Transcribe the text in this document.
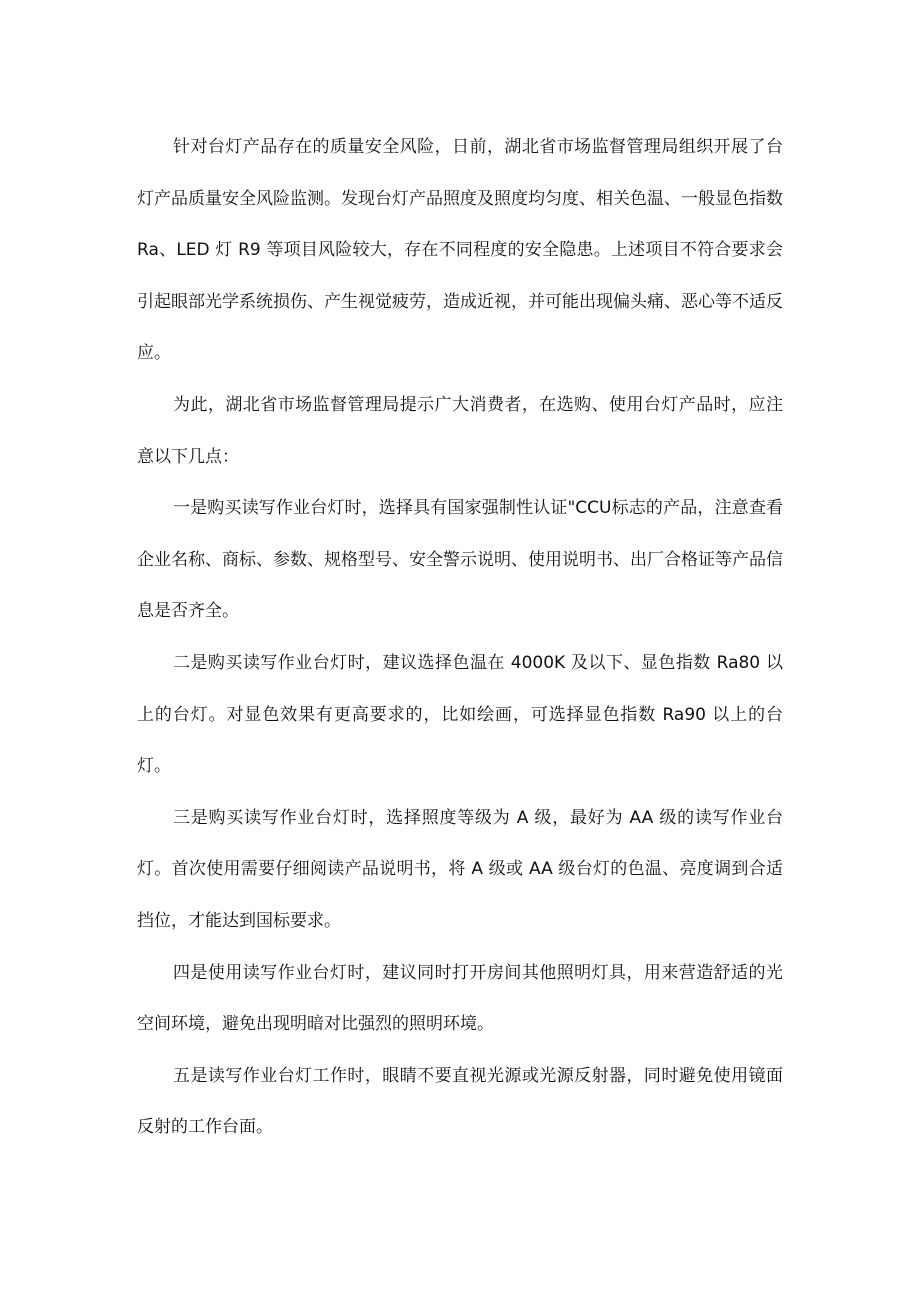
针对台灯产品存在的质量安全风险，日前，湖北省市场监督管理局组织开展了台灯产品质量安全风险监测。发现台灯产品照度及照度均匀度、相关色温、一般显色指数 Ra、LED 灯 R9 等项目风险较大，存在不同程度的安全隐患。上述项目不符合要求会引起眼部光学系统损伤、产生视觉疲劳，造成近视，并可能出现偏头痛、恶心等不适反应。

为此，湖北省市场监督管理局提示广大消费者，在选购、使用台灯产品时，应注意以下几点：

一是购买读写作业台灯时，选择具有国家强制性认证"CCU标志的产品，注意查看企业名称、商标、参数、规格型号、安全警示说明、使用说明书、出厂合格证等产品信息是否齐全。

二是购买读写作业台灯时，建议选择色温在 4000K 及以下、显色指数 Ra80 以上的台灯。对显色效果有更高要求的，比如绘画，可选择显色指数 Ra90 以上的台灯。

三是购买读写作业台灯时，选择照度等级为 A 级，最好为 AA 级的读写作业台灯。首次使用需要仔细阅读产品说明书，将 A 级或 AA 级台灯的色温、亮度调到合适挡位，才能达到国标要求。

四是使用读写作业台灯时，建议同时打开房间其他照明灯具，用来营造舒适的光空间环境，避免出现明暗对比强烈的照明环境。

五是读写作业台灯工作时，眼睛不要直视光源或光源反射器，同时避免使用镜面反射的工作台面。
